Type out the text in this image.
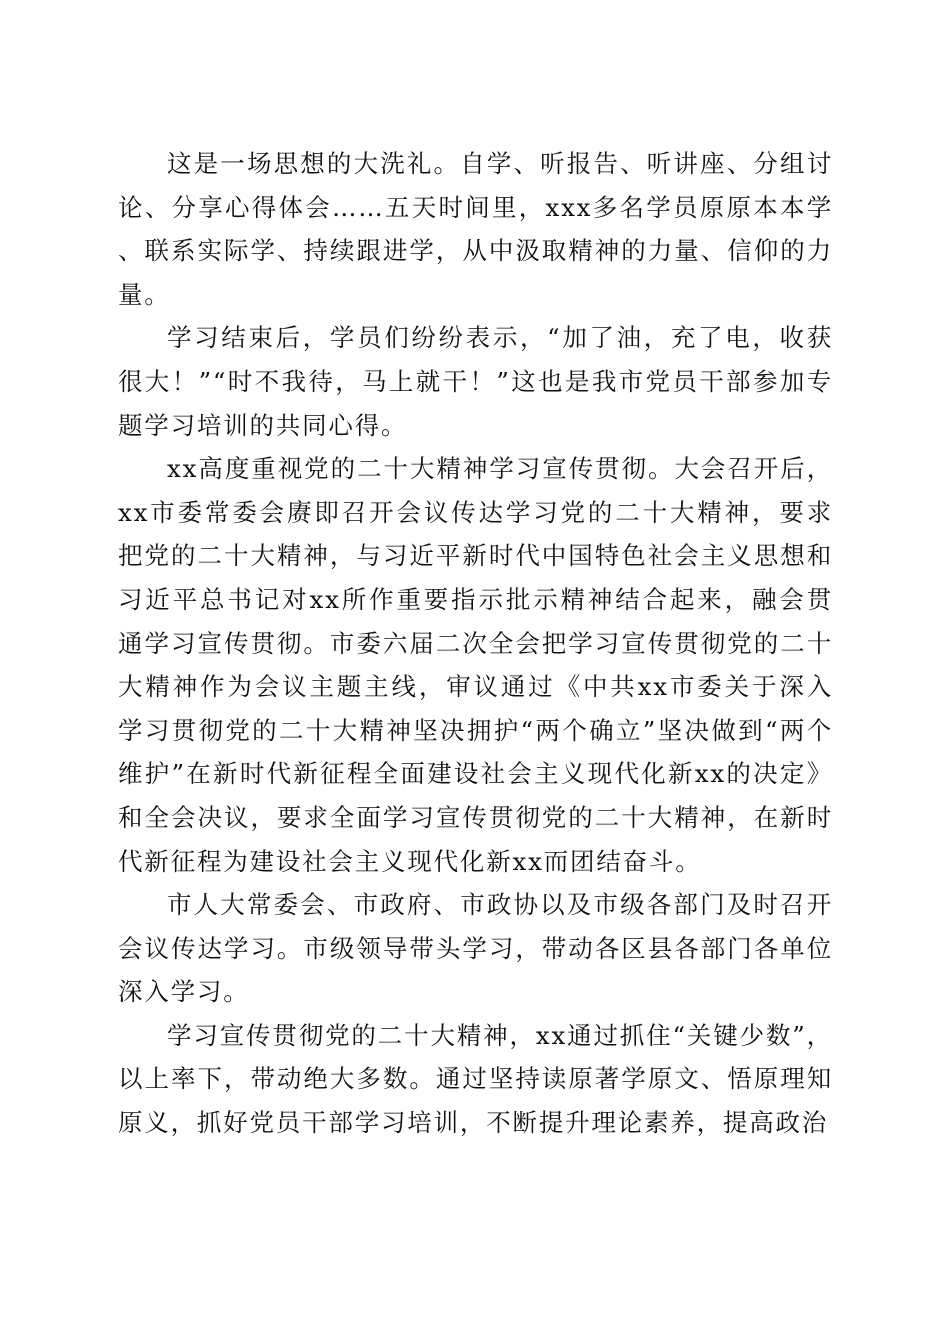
这是一场思想的大洗礼。自学、听报告、听讲座、分组讨论、分享心得体会……五天时间里，xxx多名学员原原本本学、联系实际学、持续跟进学，从中汲取精神的力量、信仰的力量。

学习结束后，学员们纷纷表示，“加了油，充了电，收获很大！”“时不我待，马上就干！”这也是我市党员干部参加专题学习培训的共同心得。

xx高度重视党的二十大精神学习宣传贯彻。大会召开后，xx市委常委会赓即召开会议传达学习党的二十大精神，要求把党的二十大精神，与习近平新时代中国特色社会主义思想和习近平总书记对xx所作重要指示批示精神结合起来，融会贯通学习宣传贯彻。市委六届二次全会把学习宣传贯彻党的二十大精神作为会议主题主线，审议通过《中共xx市委关于深入学习贯彻党的二十大精神坚决拥护“两个确立”坚决做到“两个维护”在新时代新征程全面建设社会主义现代化新xx的决定》和全会决议，要求全面学习宣传贯彻党的二十大精神，在新时代新征程为建设社会主义现代化新xx而团结奋斗。

市人大常委会、市政府、市政协以及市级各部门及时召开会议传达学习。市级领导带头学习，带动各区县各部门各单位深入学习。

学习宣传贯彻党的二十大精神，xx通过抓住“关键少数”，以上率下，带动绝大多数。通过坚持读原著学原文、悟原理知原义，抓好党员干部学习培训，不断提升理论素养，提高政治
